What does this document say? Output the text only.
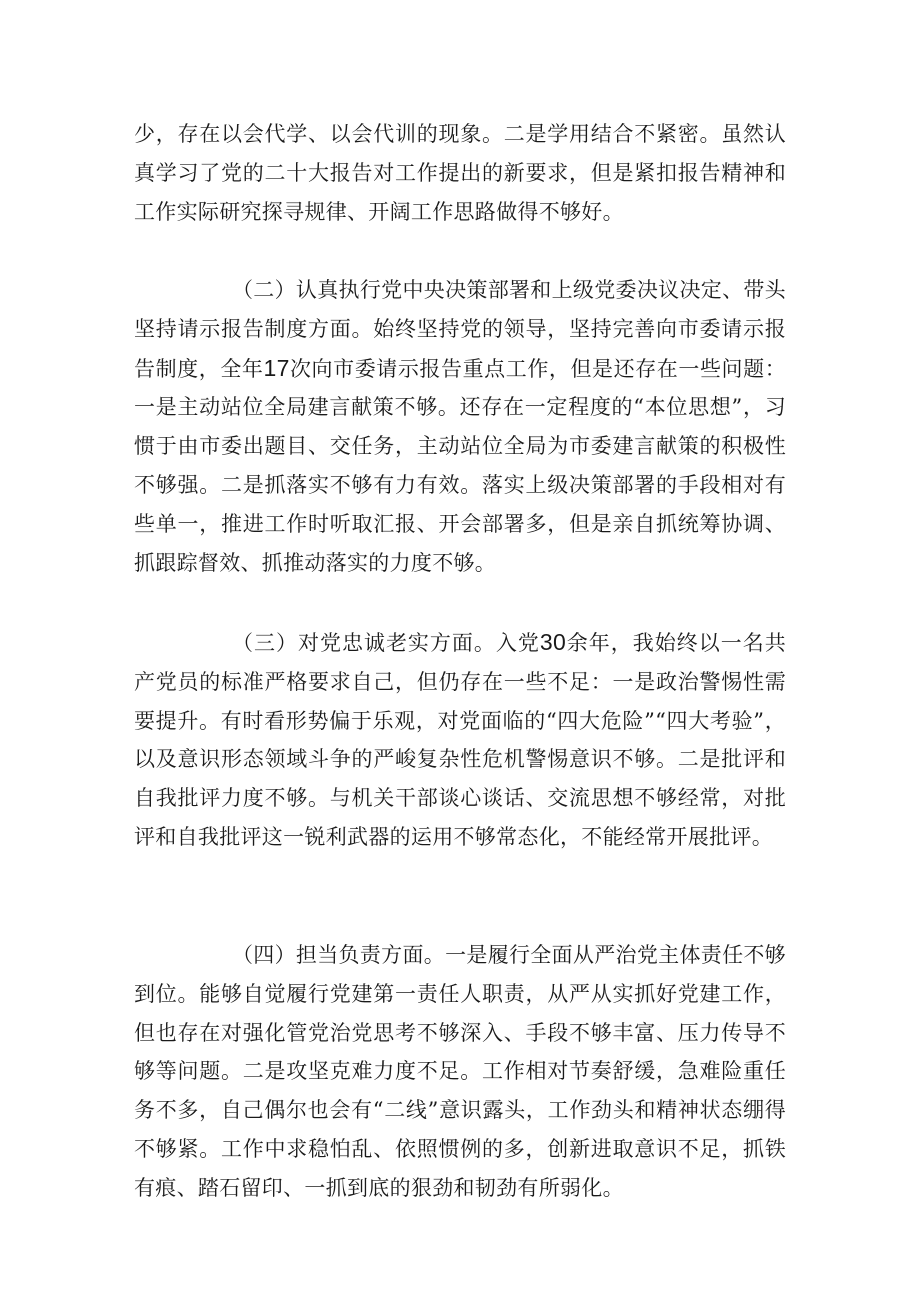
少，存在以会代学、以会代训的现象。二是学用结合不紧密。虽然认真学习了党的二十大报告对工作提出的新要求，但是紧扣报告精神和工作实际研究探寻规律、开阔工作思路做得不够好。

（二）认真执行党中央决策部署和上级党委决议决定、带头坚持请示报告制度方面。始终坚持党的领导，坚持完善向市委请示报告制度，全年17次向市委请示报告重点工作，但是还存在一些问题：一是主动站位全局建言献策不够。还存在一定程度的“本位思想”，习惯于由市委出题目、交任务，主动站位全局为市委建言献策的积极性不够强。二是抓落实不够有力有效。落实上级决策部署的手段相对有些单一，推进工作时听取汇报、开会部署多，但是亲自抓统筹协调、抓跟踪督效、抓推动落实的力度不够。

（三）对党忠诚老实方面。入党30余年，我始终以一名共产党员的标准严格要求自己，但仍存在一些不足：一是政治警惕性需要提升。有时看形势偏于乐观，对党面临的“四大危险”“四大考验”，以及意识形态领域斗争的严峻复杂性危机警惕意识不够。二是批评和自我批评力度不够。与机关干部谈心谈话、交流思想不够经常，对批评和自我批评这一锐利武器的运用不够常态化，不能经常开展批评。

（四）担当负责方面。一是履行全面从严治党主体责任不够到位。能够自觉履行党建第一责任人职责，从严从实抓好党建工作，但也存在对强化管党治党思考不够深入、手段不够丰富、压力传导不够等问题。二是攻坚克难力度不足。工作相对节奏舒缓，急难险重任务不多，自己偶尔也会有“二线”意识露头，工作劲头和精神状态绷得不够紧。工作中求稳怕乱、依照惯例的多，创新进取意识不足，抓铁有痕、踏石留印、一抓到底的狠劲和韧劲有所弱化。
